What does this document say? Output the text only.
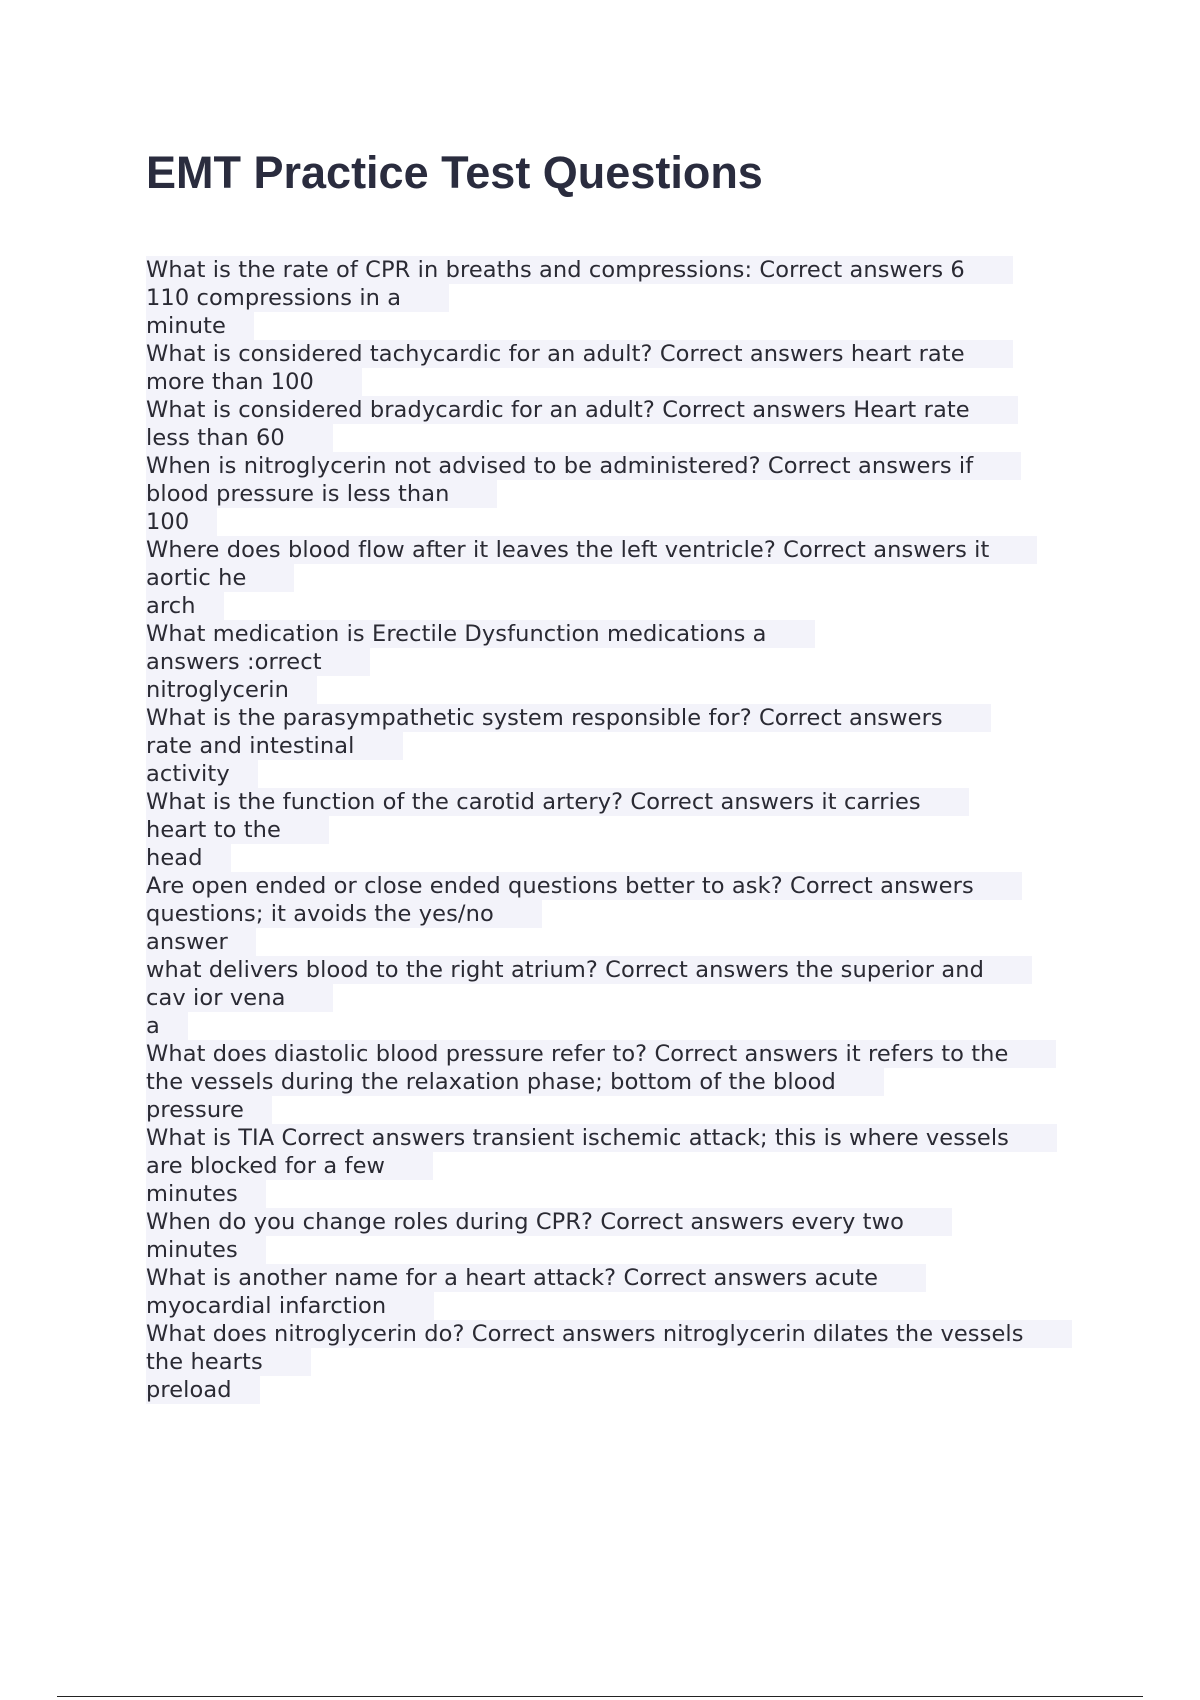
EMT Practice Test Questions
What is the rate of CPR in breaths and compressions: Correct answers 6
110 compressions in a
minute
What is considered tachycardic for an adult? Correct answers heart rate
more than 100
What is considered bradycardic for an adult? Correct answers Heart rate
less than 60
When is nitroglycerin not advised to be administered? Correct answers if
blood pressure is less than
100
Where does blood flow after it leaves the left ventricle? Correct answers it
aortic he
arch
What medication is Erectile Dysfunction medications a
answers :orrect
nitroglycerin
What is the parasympathetic system responsible for? Correct answers
rate and intestinal
activity
What is the function of the carotid artery? Correct answers it carries
heart to the
head
Are open ended or close ended questions better to ask? Correct answers
questions; it avoids the yes/no
answer
what delivers blood to the right atrium? Correct answers the superior and
cav ior vena
a
What does diastolic blood pressure refer to? Correct answers it refers to the
the vessels during the relaxation phase; bottom of the blood
pressure
What is TIA Correct answers transient ischemic attack; this is where vessels
are blocked for a few
minutes
When do you change roles during CPR? Correct answers every two
minutes
What is another name for a heart attack? Correct answers acute
myocardial infarction
What does nitroglycerin do? Correct answers nitroglycerin dilates the vessels
the hearts
preload
